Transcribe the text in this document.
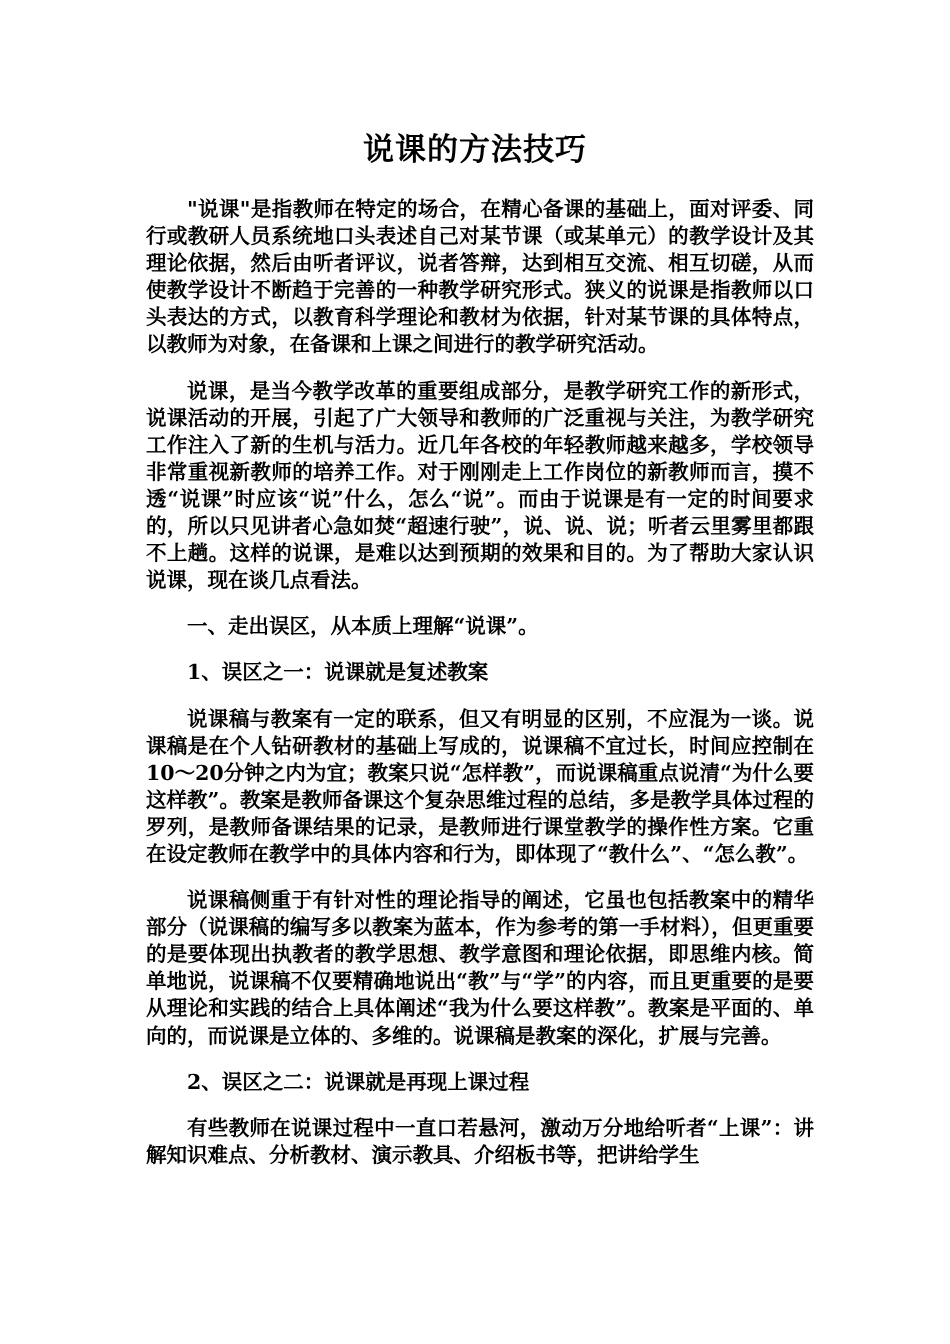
说课的方法技巧

"说课"是指教师在特定的场合，在精心备课的基础上，面对评委、同行或教研人员系统地口头表述自己对某节课（或某单元）的教学设计及其理论依据，然后由听者评议，说者答辩，达到相互交流、相互切磋，从而使教学设计不断趋于完善的一种教学研究形式。狭义的说课是指教师以口头表达的方式，以教育科学理论和教材为依据，针对某节课的具体特点，以教师为对象，在备课和上课之间进行的教学研究活动。

说课，是当今教学改革的重要组成部分，是教学研究工作的新形式，说课活动的开展，引起了广大领导和教师的广泛重视与关注，为教学研究工作注入了新的生机与活力。近几年各校的年轻教师越来越多，学校领导非常重视新教师的培养工作。对于刚刚走上工作岗位的新教师而言，摸不透“说课”时应该“说”什么，怎么“说”。而由于说课是有一定的时间要求的，所以只见讲者心急如焚“超速行驶”，说、说、说；听者云里雾里都跟不上趟。这样的说课，是难以达到预期的效果和目的。为了帮助大家认识说课，现在谈几点看法。

一、走出误区，从本质上理解“说课”。

1、误区之一：说课就是复述教案

说课稿与教案有一定的联系，但又有明显的区别，不应混为一谈。说课稿是在个人钻研教材的基础上写成的，说课稿不宜过长，时间应控制在10～20分钟之内为宜；教案只说“怎样教”，而说课稿重点说清“为什么要这样教”。教案是教师备课这个复杂思维过程的总结，多是教学具体过程的罗列，是教师备课结果的记录，是教师进行课堂教学的操作性方案。它重在设定教师在教学中的具体内容和行为，即体现了“教什么”、“怎么教”。

说课稿侧重于有针对性的理论指导的阐述，它虽也包括教案中的精华部分（说课稿的编写多以教案为蓝本，作为参考的第一手材料），但更重要的是要体现出执教者的教学思想、教学意图和理论依据，即思维内核。简单地说，说课稿不仅要精确地说出“教”与“学”的内容，而且更重要的是要从理论和实践的结合上具体阐述“我为什么要这样教”。教案是平面的、单向的，而说课是立体的、多维的。说课稿是教案的深化，扩展与完善。

2、误区之二：说课就是再现上课过程

有些教师在说课过程中一直口若悬河，激动万分地给听者“上课”：讲解知识难点、分析教材、演示教具、介绍板书等，把讲给学生
